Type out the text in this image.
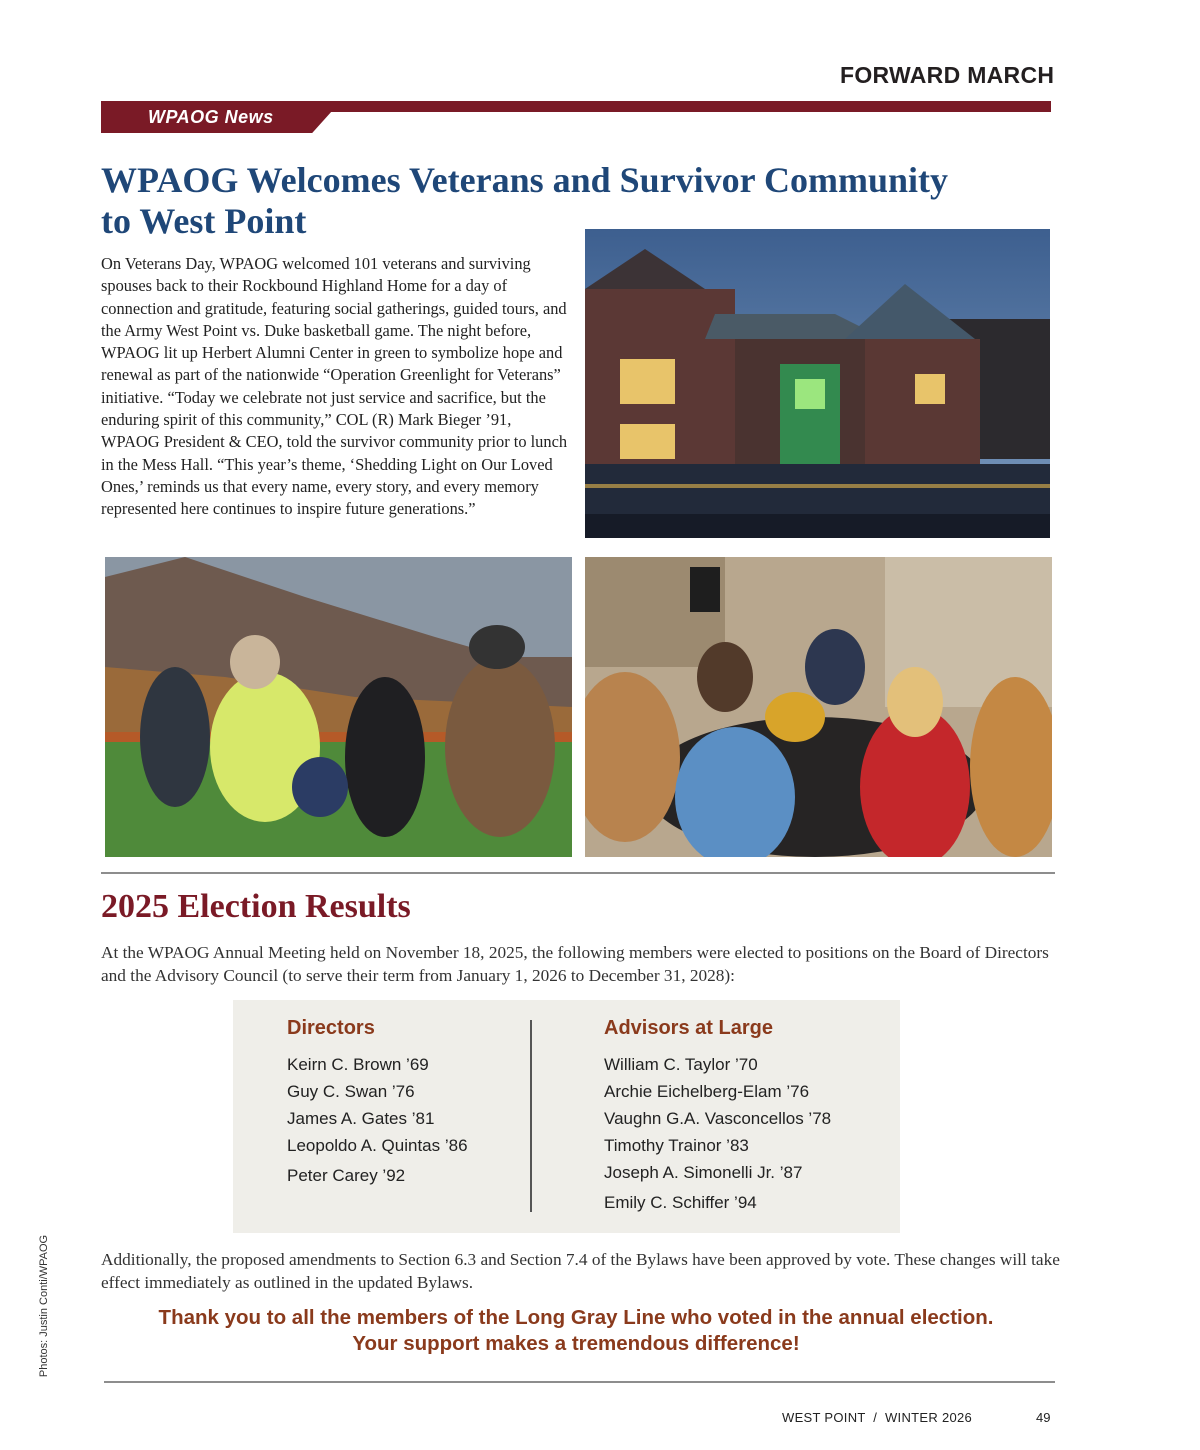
FORWARD MARCH
WPAOG News
WPAOG Welcomes Veterans and Survivor Community
to West Point
On Veterans Day, WPAOG welcomed 101 veterans and surviving spouses back to their Rockbound Highland Home for a day of connection and gratitude, featuring social gatherings, guided tours, and the Army West Point vs. Duke basketball game. The night before, WPAOG lit up Herbert Alumni Center in green to symbolize hope and renewal as part of the nationwide “Operation Greenlight for Veterans” initiative. “Today we celebrate not just service and sacrifice, but the enduring spirit of this community,” COL (R) Mark Bieger ’91, WPAOG President & CEO, told the survivor community prior to lunch in the Mess Hall. “This year’s theme, ‘Shedding Light on Our Loved Ones,’ reminds us that every name, every story, and every memory represented here continues to inspire future generations.”
2025 Election Results
At the WPAOG Annual Meeting held on November 18, 2025, the following members were elected to positions on the Board of Directors and the Advisory Council (to serve their term from January 1, 2026 to December 31, 2028):
Directors
Keirn C. Brown ’69
Guy C. Swan ’76
James A. Gates ’81
Leopoldo A. Quintas ’86
Peter Carey ’92
Advisors at Large
William C. Taylor ’70
Archie Eichelberg-Elam ’76
Vaughn G.A. Vasconcellos ’78
Timothy Trainor ’83
Joseph A. Simonelli Jr. ’87
Emily C. Schiffer ’94
Additionally, the proposed amendments to Section 6.3 and Section 7.4 of the Bylaws have been approved by vote. These changes will take effect immediately as outlined in the updated Bylaws.
Thank you to all the members of the Long Gray Line who voted in the annual election.
Your support makes a tremendous difference!
Photos: Justin Conti/WPAOG
WEST POINT  /  WINTER 2026	49
